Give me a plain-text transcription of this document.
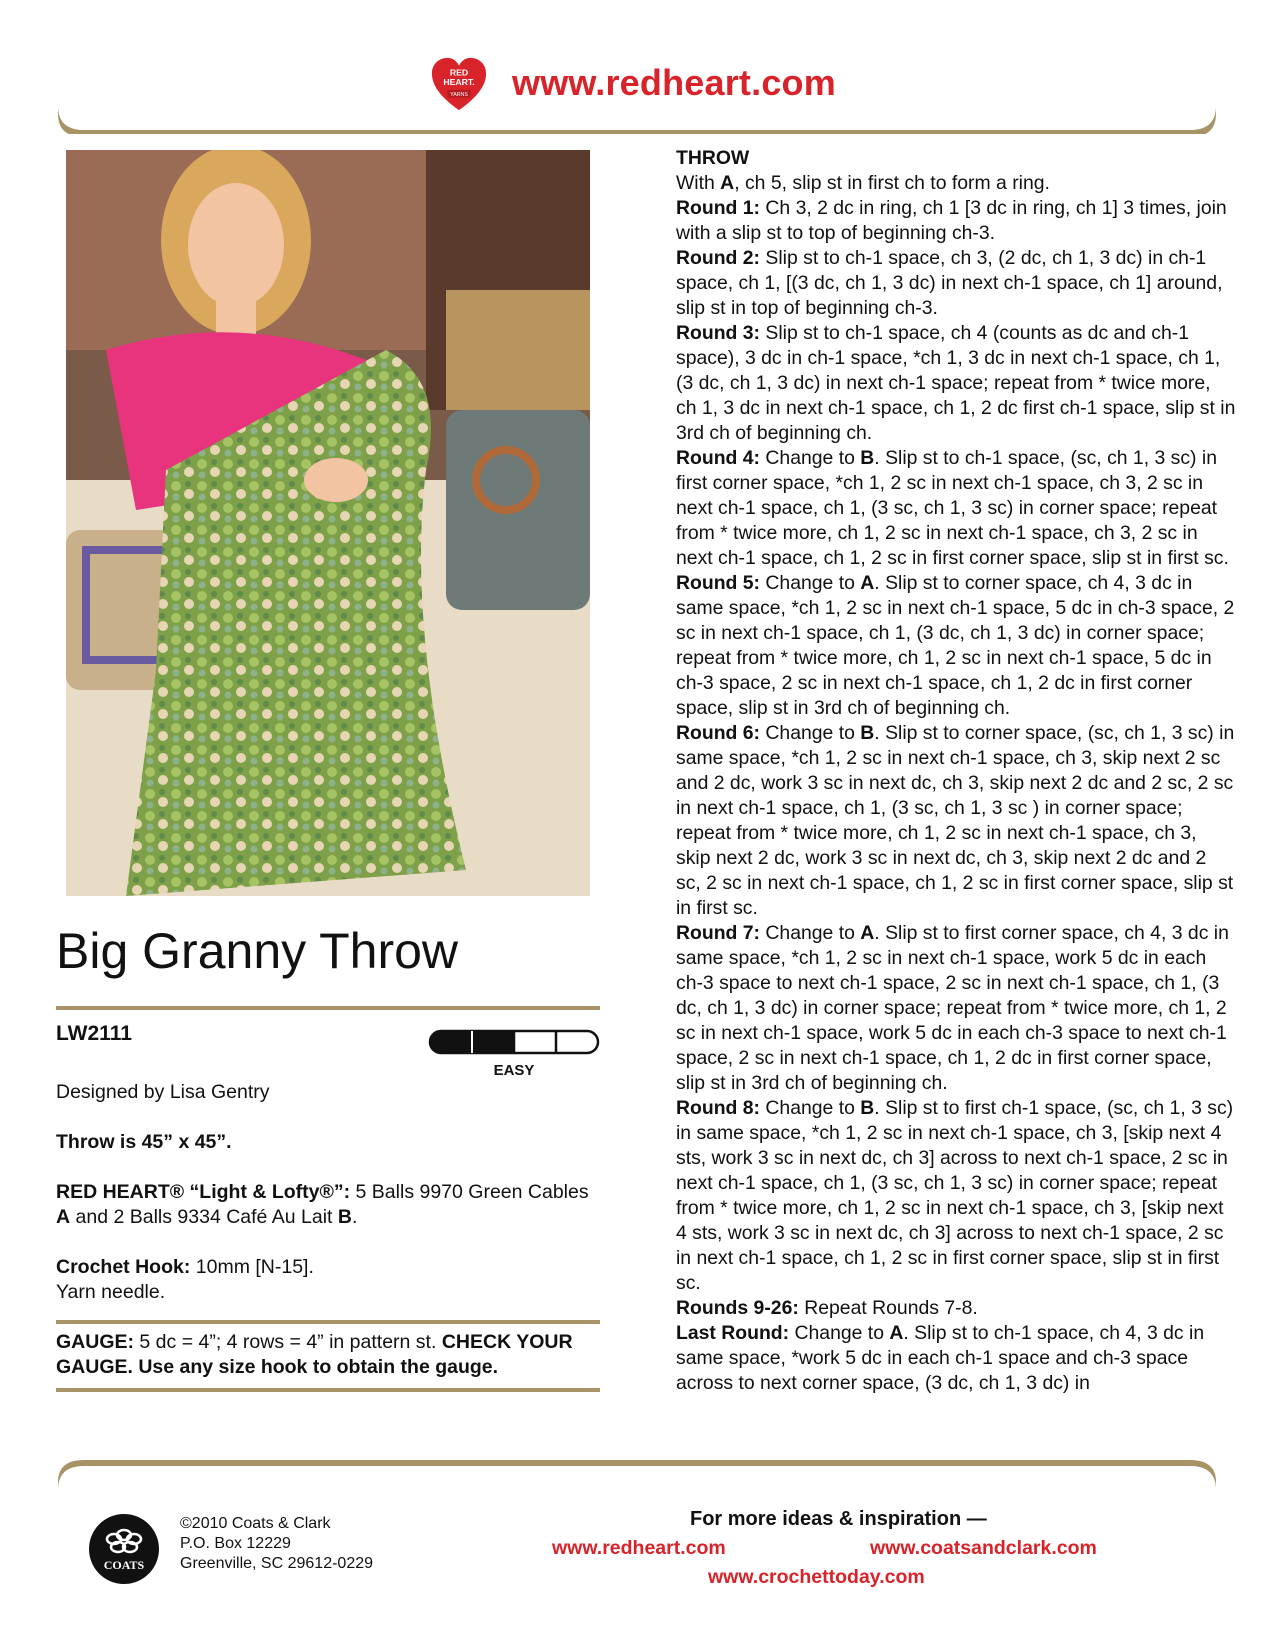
RED
HEART.
YARNS www.redheart.com
Big Granny Throw
LW2111
EASY
Designed by Lisa Gentry
Throw is 45” x 45”.
RED HEART® “Light & Lofty®”: 5 Balls 9970 Green Cables A and 2 Balls 9334 Café Au Lait B.
Crochet Hook: 10mm [N-15].
Yarn needle.
GAUGE: 5 dc = 4”; 4 rows = 4” in pattern st. CHECK YOUR GAUGE. Use any size hook to obtain the gauge.

THROW

With A, ch 5, slip st in first ch to form a ring.

Round 1: Ch 3, 2 dc in ring, ch 1 [3 dc in ring, ch 1] 3 times, join with a slip st to top of beginning ch-3.

Round 2: Slip st to ch-1 space, ch 3, (2 dc, ch 1, 3 dc) in ch-1 space, ch 1, [(3 dc, ch 1, 3 dc) in next ch-1 space, ch 1] around, slip st in top of beginning ch-3.

Round 3: Slip st to ch-1 space, ch 4 (counts as dc and ch-1 space), 3 dc in ch-1 space, *ch 1, 3 dc in next ch-1 space, ch 1, (3 dc, ch 1, 3 dc) in next ch-1 space; repeat from * twice more, ch 1, 3 dc in next ch-1 space, ch 1, 2 dc first ch-1 space, slip st in 3rd ch of beginning ch.

Round 4: Change to B. Slip st to ch-1 space, (sc, ch 1, 3 sc) in first corner space, *ch 1, 2 sc in next ch-1 space, ch 3, 2 sc in next ch-1 space, ch 1, (3 sc, ch 1, 3 sc) in corner space; repeat from * twice more, ch 1, 2 sc in next ch-1 space, ch 3, 2 sc in next ch-1 space, ch 1, 2 sc in first corner space, slip st in first sc.

Round 5: Change to A. Slip st to corner space, ch 4, 3 dc in same space, *ch 1, 2 sc in next ch-1 space, 5 dc in ch-3 space, 2 sc in next ch-1 space, ch 1, (3 dc, ch 1, 3 dc) in corner space; repeat from * twice more, ch 1, 2 sc in next ch-1 space, 5 dc in ch-3 space, 2 sc in next ch-1 space, ch 1, 2 dc in first corner space, slip st in 3rd ch of beginning ch.

Round 6: Change to B. Slip st to corner space, (sc, ch 1, 3 sc) in same space, *ch 1, 2 sc in next ch-1 space, ch 3, skip next 2 sc and 2 dc, work 3 sc in next dc, ch 3, skip next 2 dc and 2 sc, 2 sc in next ch-1 space, ch 1, (3 sc, ch 1, 3 sc ) in corner space; repeat from * twice more, ch 1, 2 sc in next ch-1 space, ch 3, skip next 2 dc, work 3 sc in next dc, ch 3, skip next 2 dc and 2 sc, 2 sc in next ch-1 space, ch 1, 2 sc in first corner space, slip st in first sc.

Round 7: Change to A. Slip st to first corner space, ch 4, 3 dc in same space, *ch 1, 2 sc in next ch-1 space, work 5 dc in each ch-3 space to next ch-1 space, 2 sc in next ch-1 space, ch 1, (3 dc, ch 1, 3 dc) in corner space; repeat from * twice more, ch 1, 2 sc in next ch-1 space, work 5 dc in each ch-3 space to next ch-1 space, 2 sc in next ch-1 space, ch 1, 2 dc in first corner space, slip st in 3rd ch of beginning ch.

Round 8: Change to B. Slip st to first ch-1 space, (sc, ch 1, 3 sc) in same space, *ch 1, 2 sc in next ch-1 space, ch 3, [skip next 4 sts, work 3 sc in next dc, ch 3] across to next ch-1 space, 2 sc in next ch-1 space, ch 1, (3 sc, ch 1, 3 sc) in corner space; repeat from * twice more, ch 1, 2 sc in next ch-1 space, ch 3, [skip next 4 sts, work 3 sc in next dc, ch 3] across to next ch-1 space, 2 sc in next ch-1 space, ch 1, 2 sc in first corner space, slip st in first sc.

Rounds 9-26: Repeat Rounds 7-8.

Last Round: Change to A. Slip st to ch-1 space, ch 4, 3 dc in same space, *work 5 dc in each ch-1 space and ch-3 space across to next corner space, (3 dc, ch 1, 3 dc) in

COATS
©2010 Coats & Clark
P.O. Box 12229
Greenville, SC 29612-0229
For more ideas & inspiration —
www.redheart.com	www.coatsandclark.com
www.crochettoday.com
